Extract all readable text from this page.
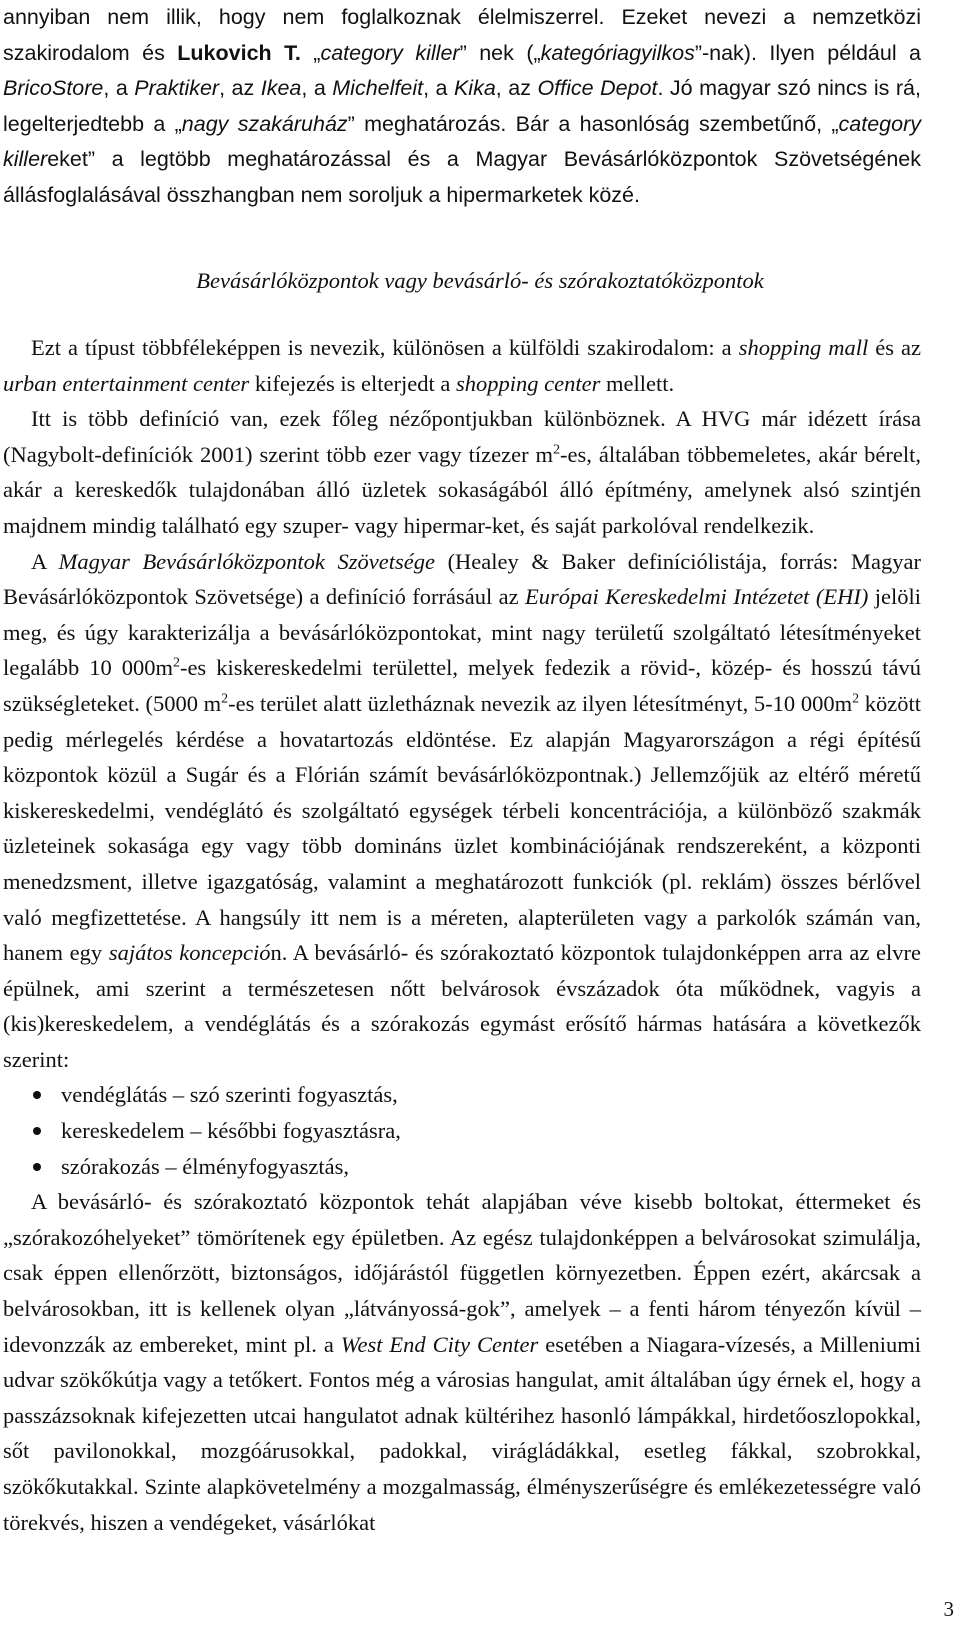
annyiban nem illik, hogy nem foglalkoznak élelmiszerrel. Ezeket nevezi a nemzetközi szakirodalom és Lukovich T. „category killer” nek („kategóriagyilkos”-nak). Ilyen például a BricoStore, a Praktiker, az Ikea, a Michelfeit, a Kika, az Office Depot. Jó magyar szó nincs is rá, legelterjedtebb a „nagy szakáruház” meghatározás. Bár a hasonlóság szembetűnő, „category killereket” a legtöbb meghatározással és a Magyar Bevásárlóközpontok Szövetségének állásfoglalásával összhangban nem soroljuk a hipermarketek közé.

Bevásárlóközpontok vagy bevásárló- és szórakoztatóközpontok

Ezt a típust többféleképpen is nevezik, különösen a külföldi szakirodalom: a shopping mall és az urban entertainment center kifejezés is elterjedt a shopping center mellett.

Itt is több definíció van, ezek főleg nézőpontjukban különböznek. A HVG már idézett írása (Nagybolt-definíciók 2001) szerint több ezer vagy tízezer $m^2-es$, általában többemeletes, akár bérelt, akár a kereskedők tulajdonában álló üzletek sokaságából álló építmény, amelynek alsó szintjén majdnem mindig található egy szuper- vagy hipermar-ket, és saját parkolóval rendelkezik.

A Magyar Bevásárlóközpontok Szövetsége (Healey & Baker definíciólistája, forrás: Magyar Bevásárlóközpontok Szövetsége) a definíció forrásául az Európai Kereskedelmi Intézetet (EHI) jelöli meg, és úgy karakterizálja a bevásárlóközpontokat, mint nagy területű szolgáltató létesítményeket legalább 10 $000m^2-es$ kiskereskedelmi területtel, melyek fedezik a rövid-, közép- és hosszú távú szükségleteket. (5000 $m^2-es$ terület alatt üzletháznak nevezik az ilyen létesítményt, 5-10 $000m^2$ között pedig mérlegelés kérdése a hovatartozás eldöntése. Ez alapján Magyarországon a régi építésű központok közül a Sugár és a Flórián számít bevásárlóközpontnak.) Jellemzőjük az eltérő méretű kiskereskedelmi, vendéglátó és szolgáltató egységek térbeli koncentrációja, a különböző szakmák üzleteinek sokasága egy vagy több domináns üzlet kombinációjának rendszereként, a központi menedzsment, illetve igazgatóság, valamint a meghatározott funkciók (pl. reklám) összes bérlővel való megfizettetése. A hangsúly itt nem is a méreten, alapterületen vagy a parkolók számán van, hanem egy sajátos koncepción. A bevásárló- és szórakoztató központok tulajdonképpen arra az elvre épülnek, ami szerint a természetesen nőtt belvárosok évszázadok óta működnek, vagyis a (kis)kereskedelem, a vendéglátás és a szórakozás egymást erősítő hármas hatására a következők szerint:

vendéglátás – szó szerinti fogyasztás,
kereskedelem – későbbi fogyasztásra,
szórakozás – élményfogyasztás,

A bevásárló- és szórakoztató központok tehát alapjában véve kisebb boltokat, éttermeket és „szórakozóhelyeket” tömörítenek egy épületben. Az egész tulajdonképpen a belvárosokat szimulálja, csak éppen ellenőrzött, biztonságos, időjárástól független környezetben. Éppen ezért, akárcsak a belvárosokban, itt is kellenek olyan „látványossá-gok”, amelyek – a fenti három tényezőn kívül – idevonzzák az embereket, mint pl. a West End City Center esetében a Niagara-vízesés, a Milleniumi udvar szökőkútja vagy a tetőkert. Fontos még a városias hangulat, amit általában úgy érnek el, hogy a passzázsoknak kifejezetten utcai hangulatot adnak kültérihez hasonló lámpákkal, hirdetőoszlopokkal, sőt pavilonokkal, mozgóárusokkal, padokkal, virágládákkal, esetleg fákkal, szobrokkal, szökőkutakkal. Szinte alapkövetelmény a mozgalmasság, élményszerűségre és emlékezetességre való törekvés, hiszen a vendégeket, vásárlókat

3
